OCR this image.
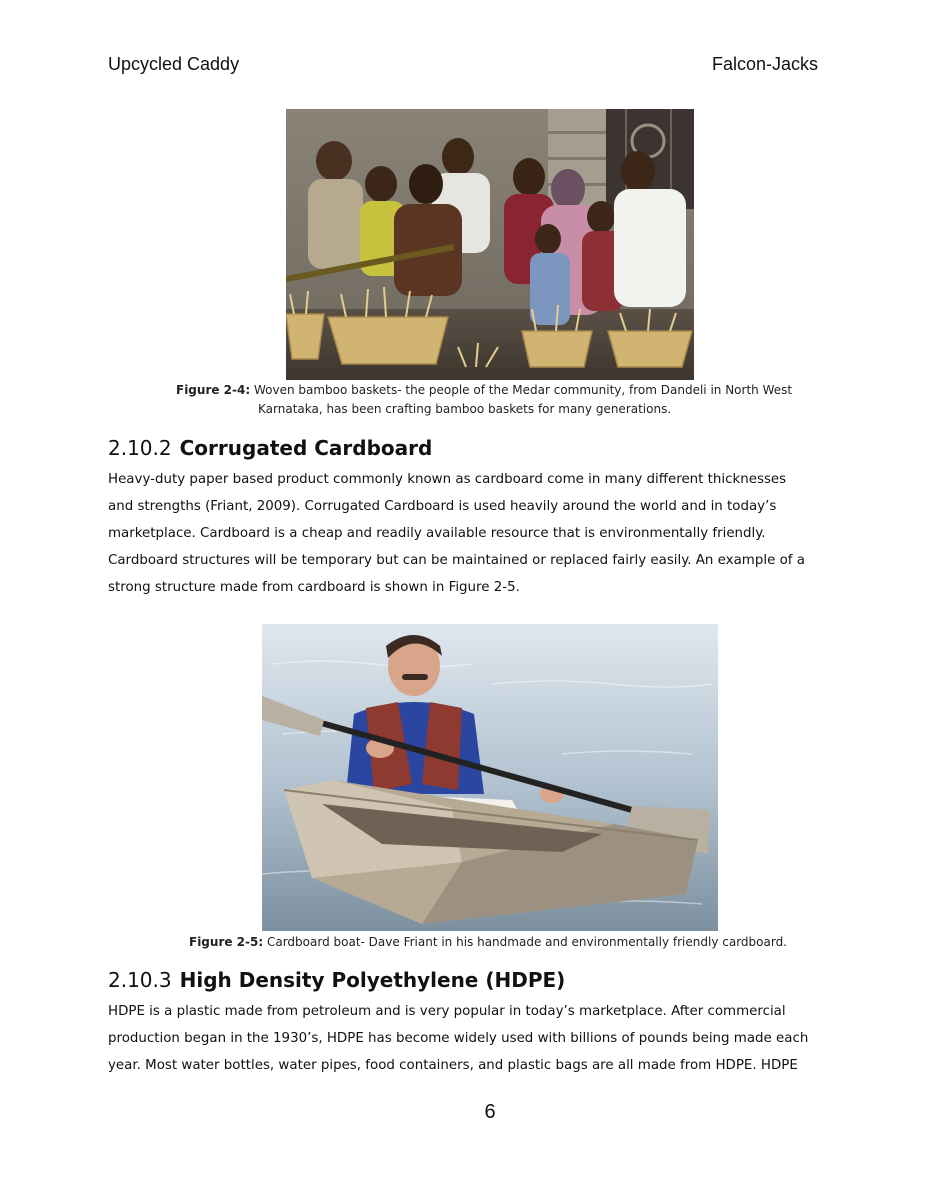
Upcycled Caddy	Falcon-Jacks
Figure 2-4: Woven bamboo baskets- the people of the Medar community, from Dandeli in North West
Karnataka, has been crafting bamboo baskets for many generations.
2.10.2 Corrugated Cardboard
Heavy-duty paper based product commonly known as cardboard come in many different thicknesses
and strengths (Friant, 2009). Corrugated Cardboard is used heavily around the world and in today’s
marketplace. Cardboard is a cheap and readily available resource that is environmentally friendly.
Cardboard structures will be temporary but can be maintained or replaced fairly easily. An example of a
strong structure made from cardboard is shown in Figure 2-5.
Figure 2-5: Cardboard boat- Dave Friant in his handmade and environmentally friendly cardboard.
2.10.3 High Density Polyethylene (HDPE)
HDPE is a plastic made from petroleum and is very popular in today’s marketplace. After commercial
production began in the 1930’s, HDPE has become widely used with billions of pounds being made each
year. Most water bottles, water pipes, food containers, and plastic bags are all made from HDPE. HDPE
6
